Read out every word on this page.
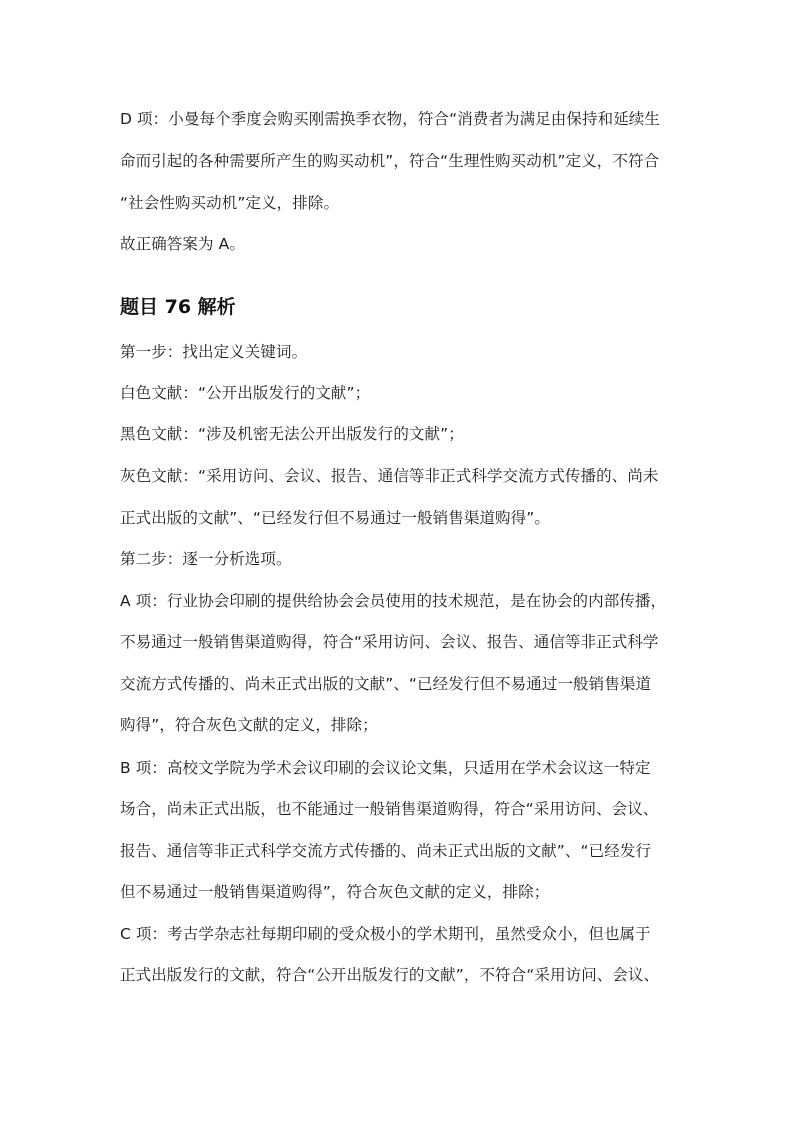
D 项：小曼每个季度会购买刚需换季衣物，符合“消费者为满足由保持和延续生
命而引起的各种需要所产生的购买动机”，符合“生理性购买动机”定义，不符合
“社会性购买动机”定义，排除。
故正确答案为 A。
题目 76 解析
第一步：找出定义关键词。
白色文献：“公开出版发行的文献”；
黑色文献：“涉及机密无法公开出版发行的文献”；
灰色文献：“采用访问、会议、报告、通信等非正式科学交流方式传播的、尚未
正式出版的文献”、“已经发行但不易通过一般销售渠道购得”。
第二步：逐一分析选项。
A 项：行业协会印刷的提供给协会会员使用的技术规范，是在协会的内部传播，
不易通过一般销售渠道购得，符合“采用访问、会议、报告、通信等非正式科学
交流方式传播的、尚未正式出版的文献”、“已经发行但不易通过一般销售渠道
购得”，符合灰色文献的定义，排除；
B 项：高校文学院为学术会议印刷的会议论文集，只适用在学术会议这一特定
场合，尚未正式出版，也不能通过一般销售渠道购得，符合“采用访问、会议、
报告、通信等非正式科学交流方式传播的、尚未正式出版的文献”、“已经发行
但不易通过一般销售渠道购得”，符合灰色文献的定义，排除；
C 项：考古学杂志社每期印刷的受众极小的学术期刊，虽然受众小，但也属于
正式出版发行的文献，符合“公开出版发行的文献”，不符合“采用访问、会议、
